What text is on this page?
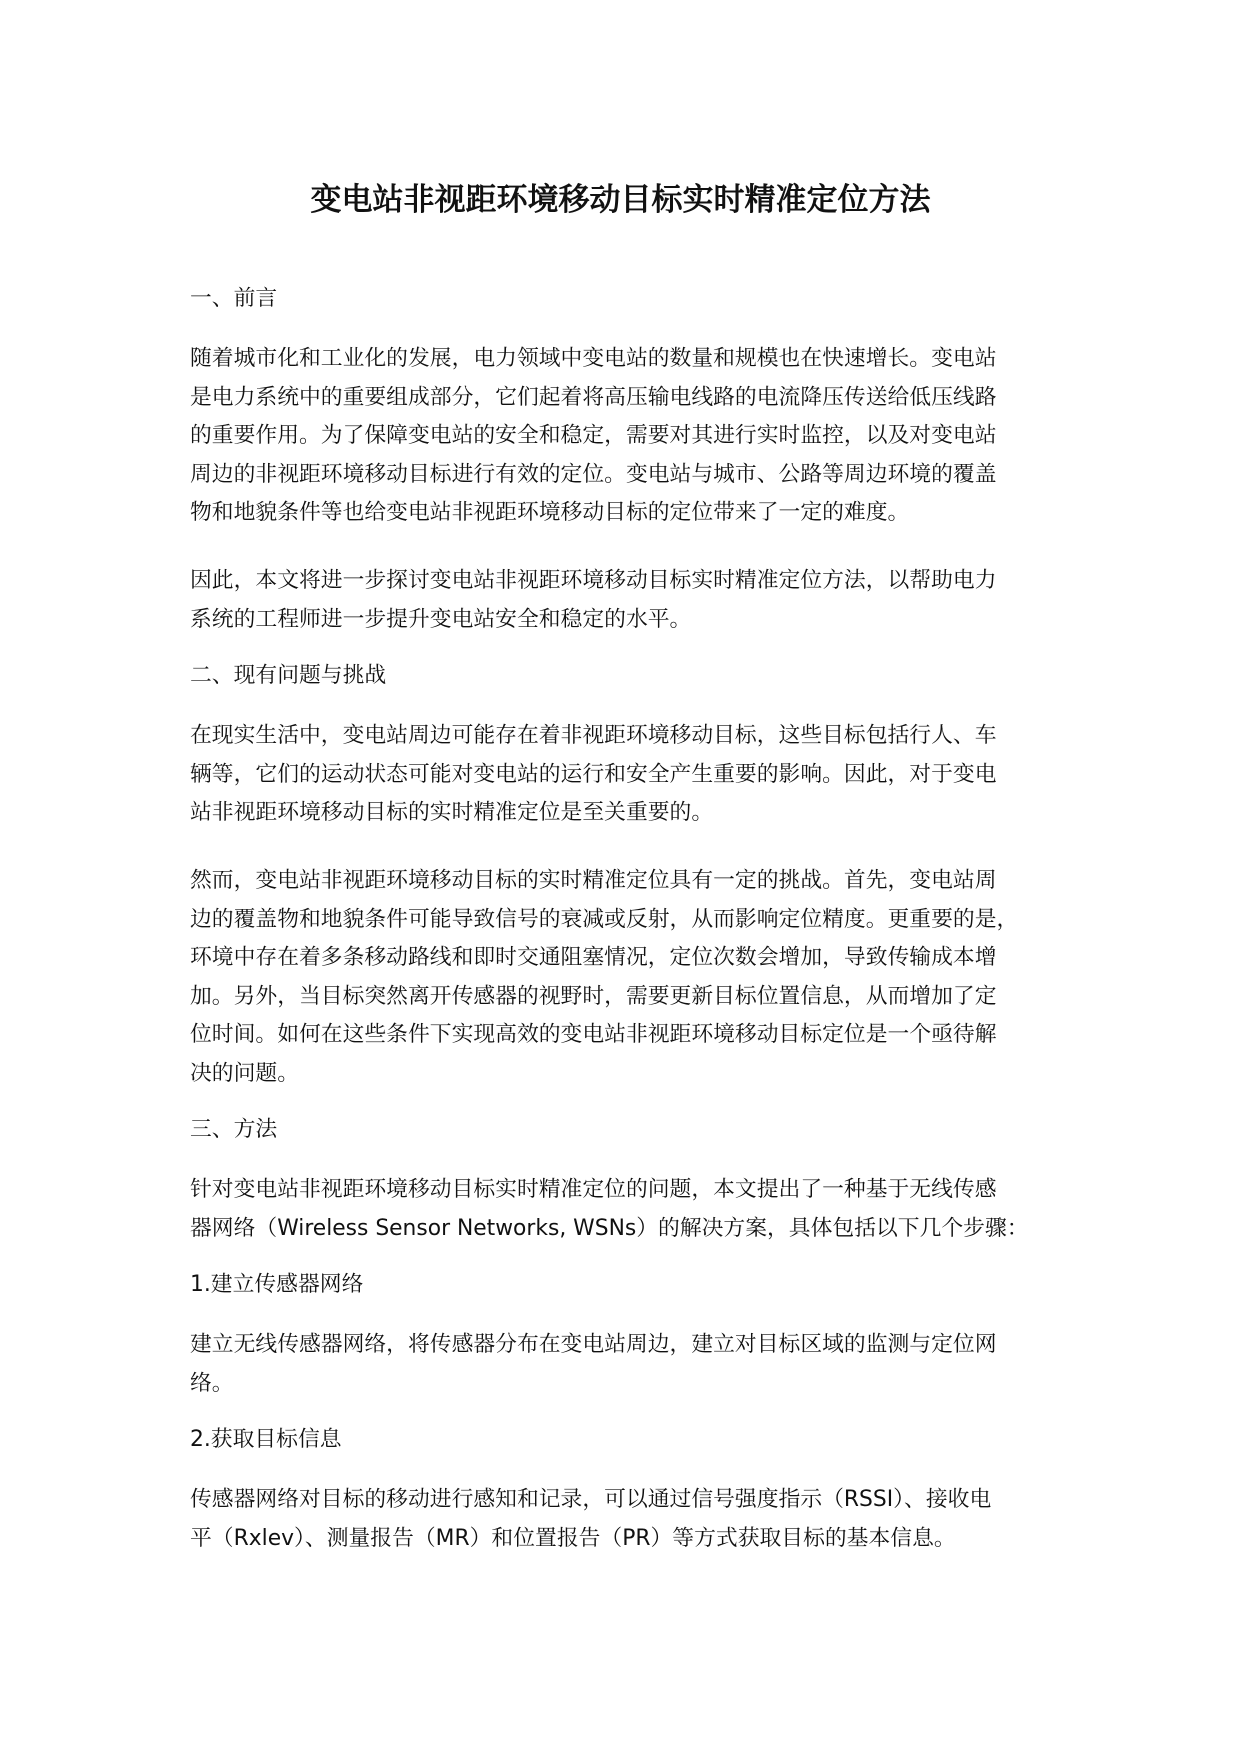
变电站非视距环境移动目标实时精准定位方法
一、前言
随着城市化和工业化的发展，电力领域中变电站的数量和规模也在快速增长。变电站
是电力系统中的重要组成部分，它们起着将高压输电线路的电流降压传送给低压线路
的重要作用。为了保障变电站的安全和稳定，需要对其进行实时监控，以及对变电站
周边的非视距环境移动目标进行有效的定位。变电站与城市、公路等周边环境的覆盖
物和地貌条件等也给变电站非视距环境移动目标的定位带来了一定的难度。
因此，本文将进一步探讨变电站非视距环境移动目标实时精准定位方法，以帮助电力
系统的工程师进一步提升变电站安全和稳定的水平。
二、现有问题与挑战
在现实生活中，变电站周边可能存在着非视距环境移动目标，这些目标包括行人、车
辆等，它们的运动状态可能对变电站的运行和安全产生重要的影响。因此，对于变电
站非视距环境移动目标的实时精准定位是至关重要的。
然而，变电站非视距环境移动目标的实时精准定位具有一定的挑战。首先，变电站周
边的覆盖物和地貌条件可能导致信号的衰减或反射，从而影响定位精度。更重要的是，
环境中存在着多条移动路线和即时交通阻塞情况，定位次数会增加，导致传输成本增
加。另外，当目标突然离开传感器的视野时，需要更新目标位置信息，从而增加了定
位时间。如何在这些条件下实现高效的变电站非视距环境移动目标定位是一个亟待解
决的问题。
三、方法
针对变电站非视距环境移动目标实时精准定位的问题，本文提出了一种基于无线传感
器网络（Wireless Sensor Networks, WSNs）的解决方案，具体包括以下几个步骤：
1.建立传感器网络
建立无线传感器网络，将传感器分布在变电站周边，建立对目标区域的监测与定位网
络。
2.获取目标信息
传感器网络对目标的移动进行感知和记录，可以通过信号强度指示（RSSI）、接收电
平（Rxlev）、测量报告（MR）和位置报告（PR）等方式获取目标的基本信息。
